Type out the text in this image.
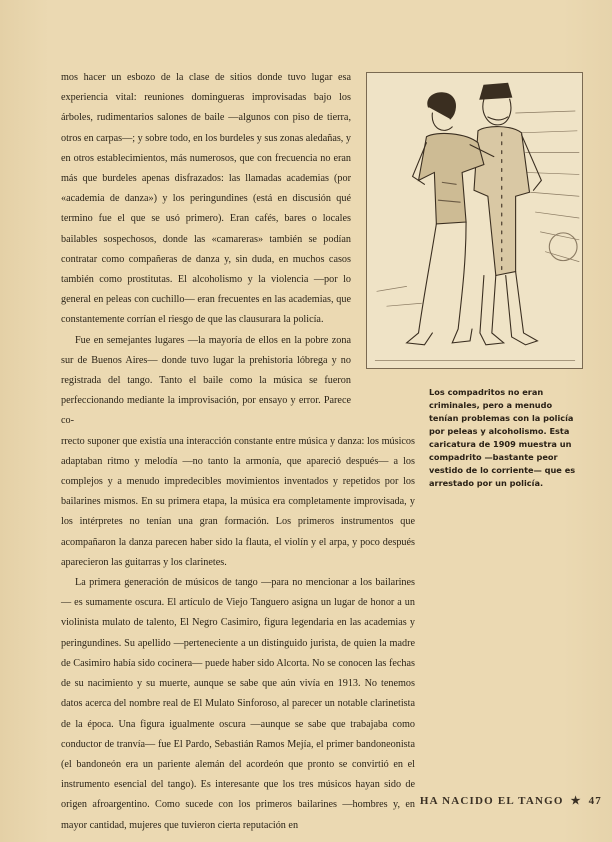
mos hacer un esbozo de la clase de sitios donde tuvo lugar esa experiencia vital: reuniones domingueras improvisadas bajo los árboles, rudimentarios salones de baile —algunos con piso de tierra, otros en carpas—; y sobre todo, en los burdeles y sus zonas aledañas, y en otros establecimientos, más numerosos, que con frecuencia no eran más que burdeles apenas disfrazados: las llamadas academias (por «academia de danza») y los peringundines (está en discusión qué termino fue el que se usó primero). Eran cafés, bares o locales bailables sospechosos, donde las «camareras» también se podían contratar como compañeras de danza y, sin duda, en muchos casos también como prostitutas. El alcoholismo y la violencia —por lo general en peleas con cuchillo— eran frecuentes en las academias, que constantemente corrían el riesgo de que las clausurara la policía.

Fue en semejantes lugares —la mayoría de ellos en la pobre zona sur de Buenos Aires— donde tuvo lugar la prehistoria lóbrega y no registrada del tango. Tanto el baile como la música se fueron perfeccionando mediante la improvisación, por ensayo y error. Parece co-

rrecto suponer que existía una interacción constante entre música y danza: los músicos adaptaban ritmo y melodía —no tanto la armonía, que apareció después— a los complejos y a menudo impredecibles movimientos inventados y repetidos por los bailarines mismos. En su primera etapa, la música era completamente improvisada, y los intérpretes no tenían una gran formación. Los primeros instrumentos que acompañaron la danza parecen haber sido la flauta, el violín y el arpa, y poco después aparecieron las guitarras y los clarinetes.

La primera generación de músicos de tango —para no mencionar a los bailarines— es sumamente oscura. El artículo de Viejo Tanguero asigna un lugar de honor a un violinista mulato de talento, El Negro Casimiro, figura legendaria en las academias y peringundines. Su apellido —perteneciente a un distinguido jurista, de quien la madre de Casimiro había sido cocinera— puede haber sido Alcorta. No se conocen las fechas de su nacimiento y su muerte, aunque se sabe que aún vivía en 1913. No tenemos datos acerca del nombre real de El Mulato Sinforoso, al parecer un notable clarinetista de la época. Una figura igualmente oscura —aunque se sabe que trabajaba como conductor de tranvía— fue El Pardo, Sebastián Ramos Mejía, el primer bandoneonista (el bandoneón era un pariente alemán del acordeón que pronto se convirtió en el instrumento esencial del tango). Es interesante que los tres músicos hayan sido de origen afroargentino. Como sucede con los primeros bailarines —hombres y, en mayor cantidad, mujeres que tuvieron cierta reputación en

Los compadritos no eran criminales, pero a menudo tenían problemas con la policía por peleas y alcoholismo. Esta caricatura de 1909 muestra un compadrito —bastante peor vestido de lo corriente— que es arrestado por un policía.
HA NACIDO EL TANGO ★ 47
